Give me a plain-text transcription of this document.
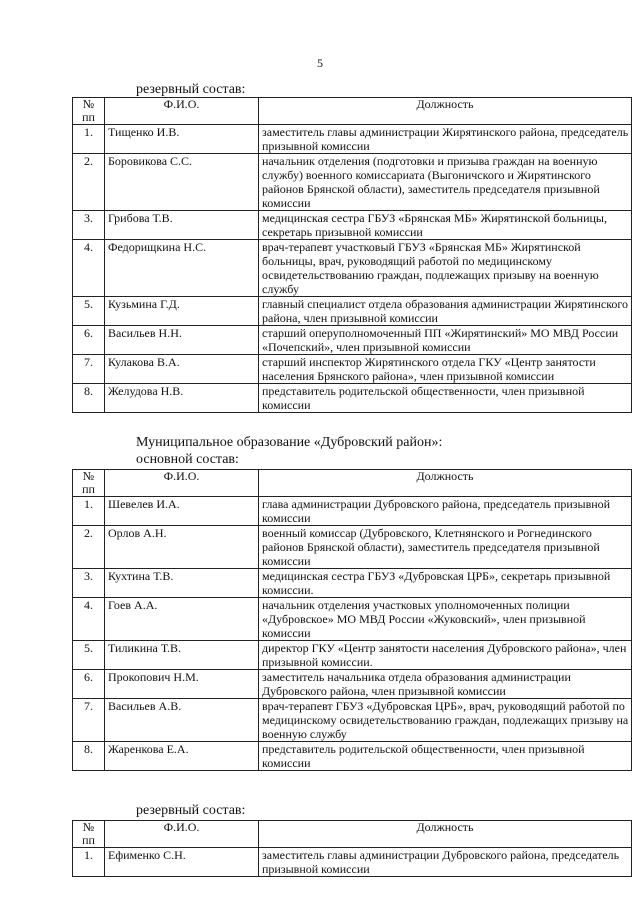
5
резервный состав:
№ пп	Ф.И.О.	Должность
1.	Тищенко И.В.	заместитель главы администрации Жирятинского района, председатель призывной комиссии
2.	Боровикова С.С.	начальник отделения (подготовки и призыва граждан на военную службу) военного комиссариата (Выгоничского и Жирятинского районов Брянской области), заместитель председателя призывной комиссии
3.	Грибова Т.В.	медицинская сестра ГБУЗ «Брянская МБ» Жирятинской больницы, секретарь призывной комиссии
4.	Федорищкина Н.С.	врач-терапевт участковый ГБУЗ «Брянская МБ» Жирятинской больницы, врач, руководящий работой по медицинскому освидетельствованию граждан, подлежащих призыву на военную службу
5.	Кузьмина Г.Д.	главный специалист отдела образования администрации Жирятинского района, член призывной комиссии
6.	Васильев Н.Н.	старший оперуполномоченный ПП «Жирятинский» МО МВД России «Почепский», член призывной комиссии
7.	Кулакова В.А.	старший инспектор Жирятинского отдела ГКУ «Центр занятости населения Брянского района», член призывной комиссии
8.	Желудова Н.В.	представитель родительской общественности, член призывной комиссии
Муниципальное образование «Дубровский район»:
основной состав:
№ пп	Ф.И.О.	Должность
1.	Шевелев И.А.	глава администрации Дубровского района, председатель призывной комиссии
2.	Орлов А.Н.	военный комиссар (Дубровского, Клетнянского и Рогнединского районов Брянской области), заместитель председателя призывной комиссии
3.	Кухтина Т.В.	медицинская сестра ГБУЗ «Дубровская ЦРБ», секретарь призывной комиссии.
4.	Гоев А.А.	начальник отделения участковых уполномоченных полиции «Дубровское» МО МВД России «Жуковский», член призывной комиссии
5.	Тиликина Т.В.	директор ГКУ «Центр занятости населения Дубровского района», член призывной комиссии.
6.	Прокопович Н.М.	заместитель начальника отдела образования администрации Дубровского района, член призывной комиссии
7.	Васильев А.В.	врач-терапевт ГБУЗ «Дубровская ЦРБ», врач, руководящий работой по медицинскому освидетельствованию граждан, подлежащих призыву на военную службу
8.	Жаренкова Е.А.	представитель родительской общественности, член призывной комиссии
резервный состав:
№ пп	Ф.И.О.	Должность
1.	Ефименко С.Н.	заместитель главы администрации Дубровского района, председатель призывной комиссии
